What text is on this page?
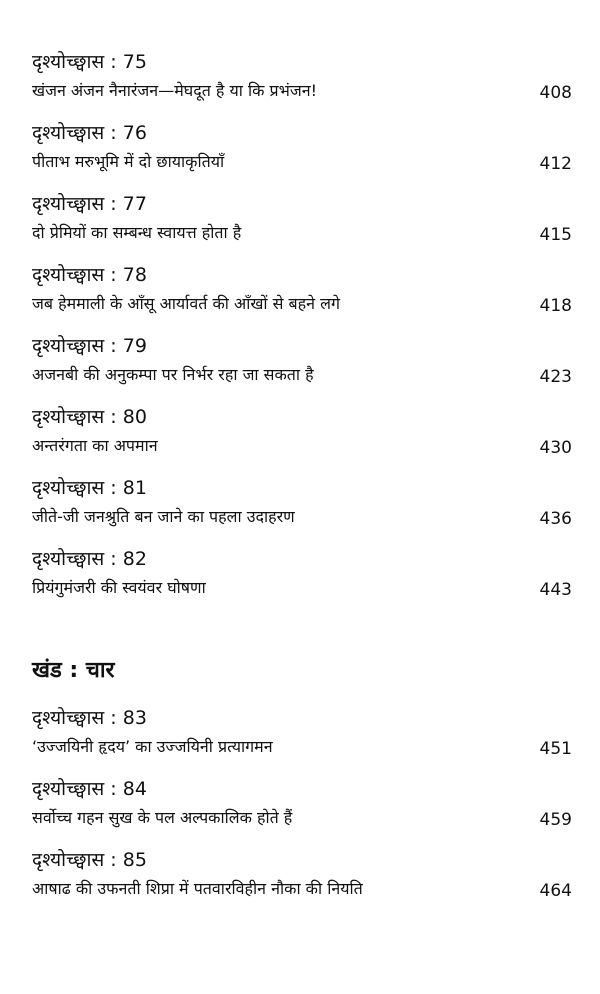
दृश्योच्छ्वास : 75
खंजन अंजन नैनारंजन—मेघदूत है या कि प्रभंजन!	408
दृश्योच्छ्वास : 76
पीताभ मरुभूमि में दो छायाकृतियाँ	412
दृश्योच्छ्वास : 77
दो प्रेमियों का सम्बन्ध स्वायत्त होता है	415
दृश्योच्छ्वास : 78
जब हेममाली के आँसू आर्यावर्त की आँखों से बहने लगे	418
दृश्योच्छ्वास : 79
अजनबी की अनुकम्पा पर निर्भर रहा जा सकता है	423
दृश्योच्छ्वास : 80
अन्तरंगता का अपमान	430
दृश्योच्छ्वास : 81
जीते-जी जनश्रुति बन जाने का पहला उदाहरण	436
दृश्योच्छ्वास : 82
प्रियंगुमंजरी की स्वयंवर घोषणा	443
खंड : चार
दृश्योच्छ्वास : 83
‘उज्जयिनी हृदय’ का उज्जयिनी प्रत्यागमन	451
दृश्योच्छ्वास : 84
सर्वोच्च गहन सुख के पल अल्पकालिक होते हैं	459
दृश्योच्छ्वास : 85
आषाढ की उफनती शिप्रा में पतवारविहीन नौका की नियति	464
